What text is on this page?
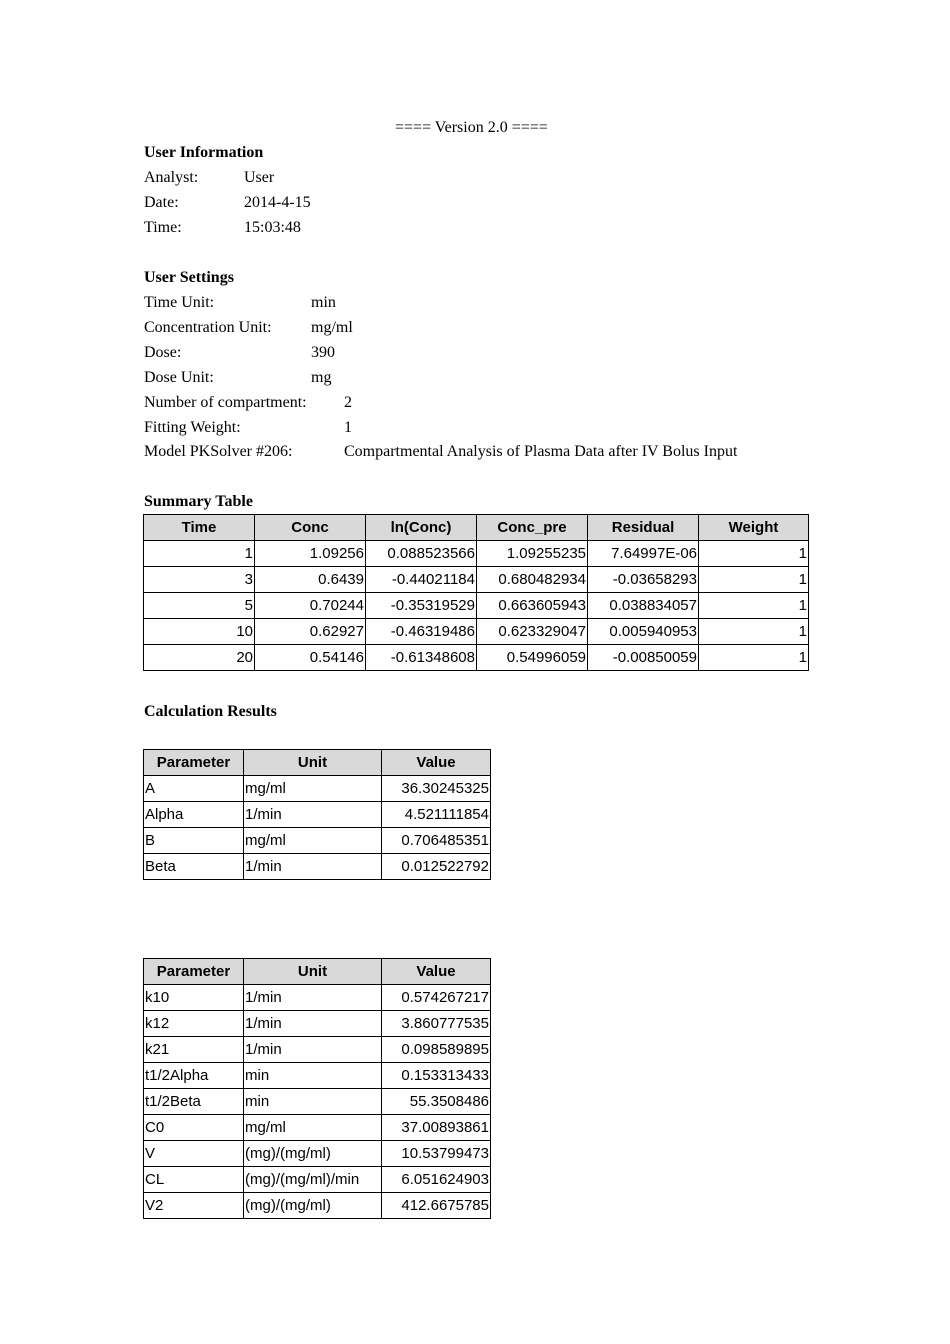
==== Version 2.0 ====
User Information
Analyst:	User
Date:	2014-4-15
Time:	15:03:48
User Settings
Time Unit:	min
Concentration Unit: mg/ml
Dose:	390
Dose Unit:	mg
Number of compartment: 2
Fitting Weight:	1
Model PKSolver #206:	Compartmental Analysis of Plasma Data after IV Bolus Input
Summary Table
Time	Conc	ln(Conc)	Conc_pre	Residual	Weight
1	1.09256	0.088523566	1.09255235	7.64997E-06	1
3	0.6439	-0.44021184	0.680482934	-0.03658293	1
5	0.70244	-0.35319529	0.663605943	0.038834057	1
10	0.62927	-0.46319486	0.623329047	0.005940953	1
20	0.54146	-0.61348608	0.54996059	-0.00850059	1
Calculation Results
Parameter	Unit	Value
A	mg/ml	36.30245325
Alpha	1/min	4.521111854
B	mg/ml	0.706485351
Beta	1/min	0.012522792
Parameter	Unit	Value
k10	1/min	0.574267217
k12	1/min	3.860777535
k21	1/min	0.098589895
t1/2Alpha	min	0.153313433
t1/2Beta	min	55.3508486
C0	mg/ml	37.00893861
V	(mg)/(mg/ml)	10.53799473
CL	(mg)/(mg/ml)/min	6.051624903
V2	(mg)/(mg/ml)	412.6675785
